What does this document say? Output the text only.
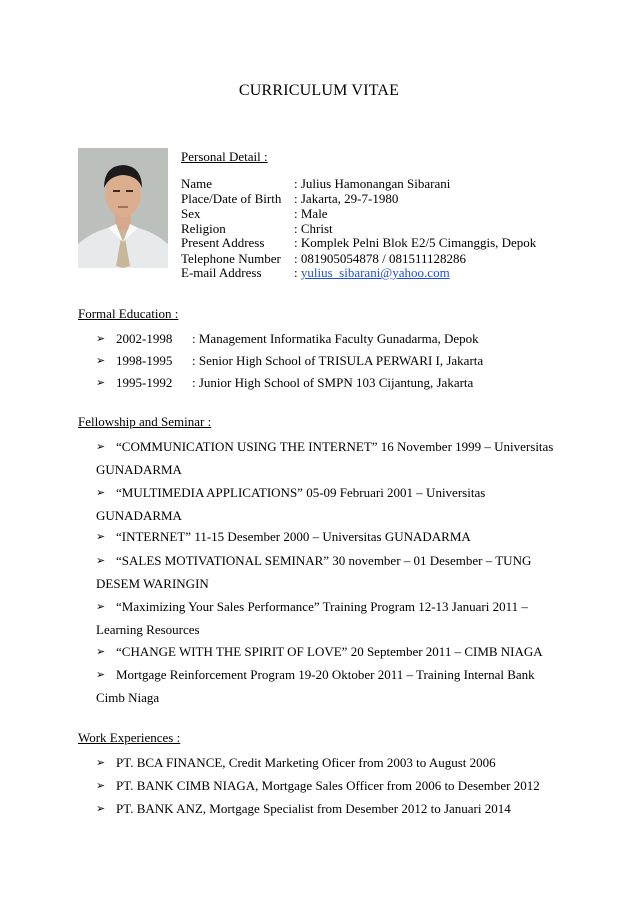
CURRICULUM VITAE
Personal Detail :
Name	: Julius Hamonangan Sibarani
Place/Date of Birth : Jakarta, 29-7-1980
Sex	: Male
Religion	: Christ
Present Address : Komplek Pelni Blok E2/5 Cimanggis, Depok
Telephone Number : 081905054878 / 081511128286
E-mail Address : yulius_sibarani@yahoo.com
Formal Education :
➢ 2002-1998 : Management Informatika Faculty Gunadarma, Depok
➢ 1998-1995 : Senior High School of TRISULA PERWARI I, Jakarta
➢ 1995-1992 : Junior High School of SMPN 103 Cijantung, Jakarta
Fellowship and Seminar :
➢ “COMMUNICATION USING THE INTERNET” 16 November 1999 – Universitas
GUNADARMA
➢ “MULTIMEDIA APPLICATIONS” 05-09 Februari 2001 – Universitas
GUNADARMA
➢ “INTERNET” 11-15 Desember 2000 – Universitas GUNADARMA
➢ “SALES MOTIVATIONAL SEMINAR” 30 november – 01 Desember – TUNG
DESEM WARINGIN
➢ “Maximizing Your Sales Performance” Training Program 12-13 Januari 2011 –
Learning Resources
➢ “CHANGE WITH THE SPIRIT OF LOVE” 20 September 2011 – CIMB NIAGA
➢ Mortgage Reinforcement Program 19-20 Oktober 2011 – Training Internal Bank
Cimb Niaga
Work Experiences :
➢ PT. BCA FINANCE, Credit Marketing Oficer from 2003 to August 2006
➢ PT. BANK CIMB NIAGA, Mortgage Sales Officer from 2006 to Desember 2012
➢ PT. BANK ANZ, Mortgage Specialist from Desember 2012 to Januari 2014
